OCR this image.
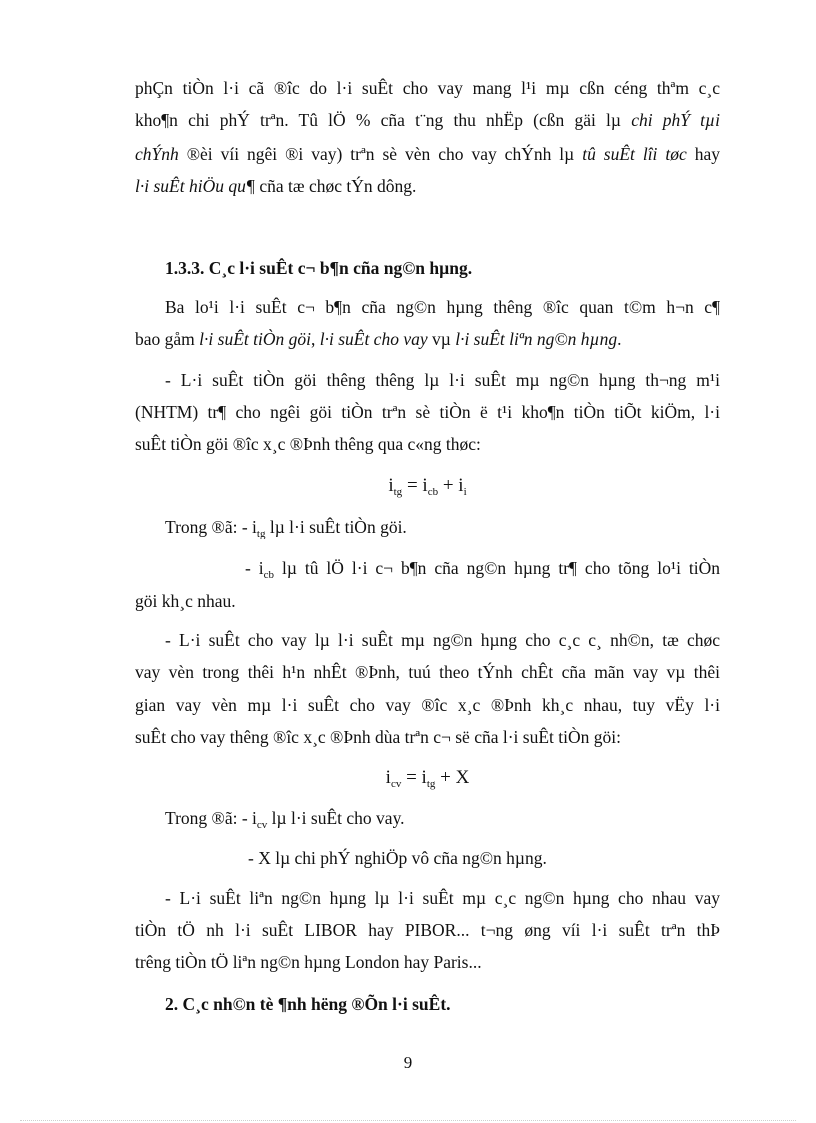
phÇn tiÒn l·i cã ®îc do l·i suÊt cho vay mang l¹i mµ cßn céng thªm c¸c
kho¶n chi phÝ trªn. Tû lÖ % cña t¨ng thu nhËp (cßn gäi lµ chi phÝ tµi
chÝnh ®èi víi ngêi ®i vay) trªn sè vèn cho vay chÝnh lµ tû suÊt lîi tøc hay
l·i suÊt hiÖu qu¶ cña tæ chøc tÝn dông.
1.3.3. C¸c l·i suÊt c¬ b¶n cña ng©n hµng.
Ba lo¹i l·i suÊt c¬ b¶n cña ng©n hµng thêng ®îc quan t©m h¬n c¶
bao gåm l·i suÊt tiÒn göi, l·i suÊt cho vay vµ l·i suÊt liªn ng©n hµng.
- L·i suÊt tiÒn göi thêng thêng lµ l·i suÊt mµ ng©n hµng th¬ng m¹i
(NHTM) tr¶ cho ngêi göi tiÒn trªn sè tiÒn ë t¹i kho¶n tiÒn tiÕt kiÖm, l·i
suÊt tiÒn göi ®îc x¸c ®Þnh thêng qua c«ng thøc:
$i_{tg} = i_{cb} + i_i$
Trong ®ã: - $i_{tg}$ lµ l·i suÊt tiÒn göi.
- $i_{cb}$ lµ tû lÖ l·i c¬ b¶n cña ng©n hµng tr¶ cho tõng lo¹i tiÒn
göi kh¸c nhau.
- L·i suÊt cho vay lµ l·i suÊt mµ ng©n hµng cho c¸c c¸ nh©n, tæ chøc
vay vèn trong thêi h¹n nhÊt ®Þnh, tuú theo tÝnh chÊt cña mãn vay vµ thêi
gian vay vèn mµ l·i suÊt cho vay ®îc x¸c ®Þnh kh¸c nhau, tuy vËy l·i
suÊt cho vay thêng ®îc x¸c ®Þnh dùa trªn c¬ së cña l·i suÊt tiÒn göi:
$i_{cv} = i_{tg} + X$
Trong ®ã: - $i_{cv}$ lµ l·i suÊt cho vay.
- X lµ chi phÝ nghiÖp vô cña ng©n hµng.
- L·i suÊt liªn ng©n hµng lµ l·i suÊt mµ c¸c ng©n hµng cho nhau vay
tiÒn tÖ nh l·i suÊt LIBOR hay PIBOR... t¬ng øng víi l·i suÊt trªn thÞ
trêng tiÒn tÖ liªn ng©n hµng London hay Paris...
2. C¸c nh©n tè ¶nh hëng ®Õn l·i suÊt.
9
